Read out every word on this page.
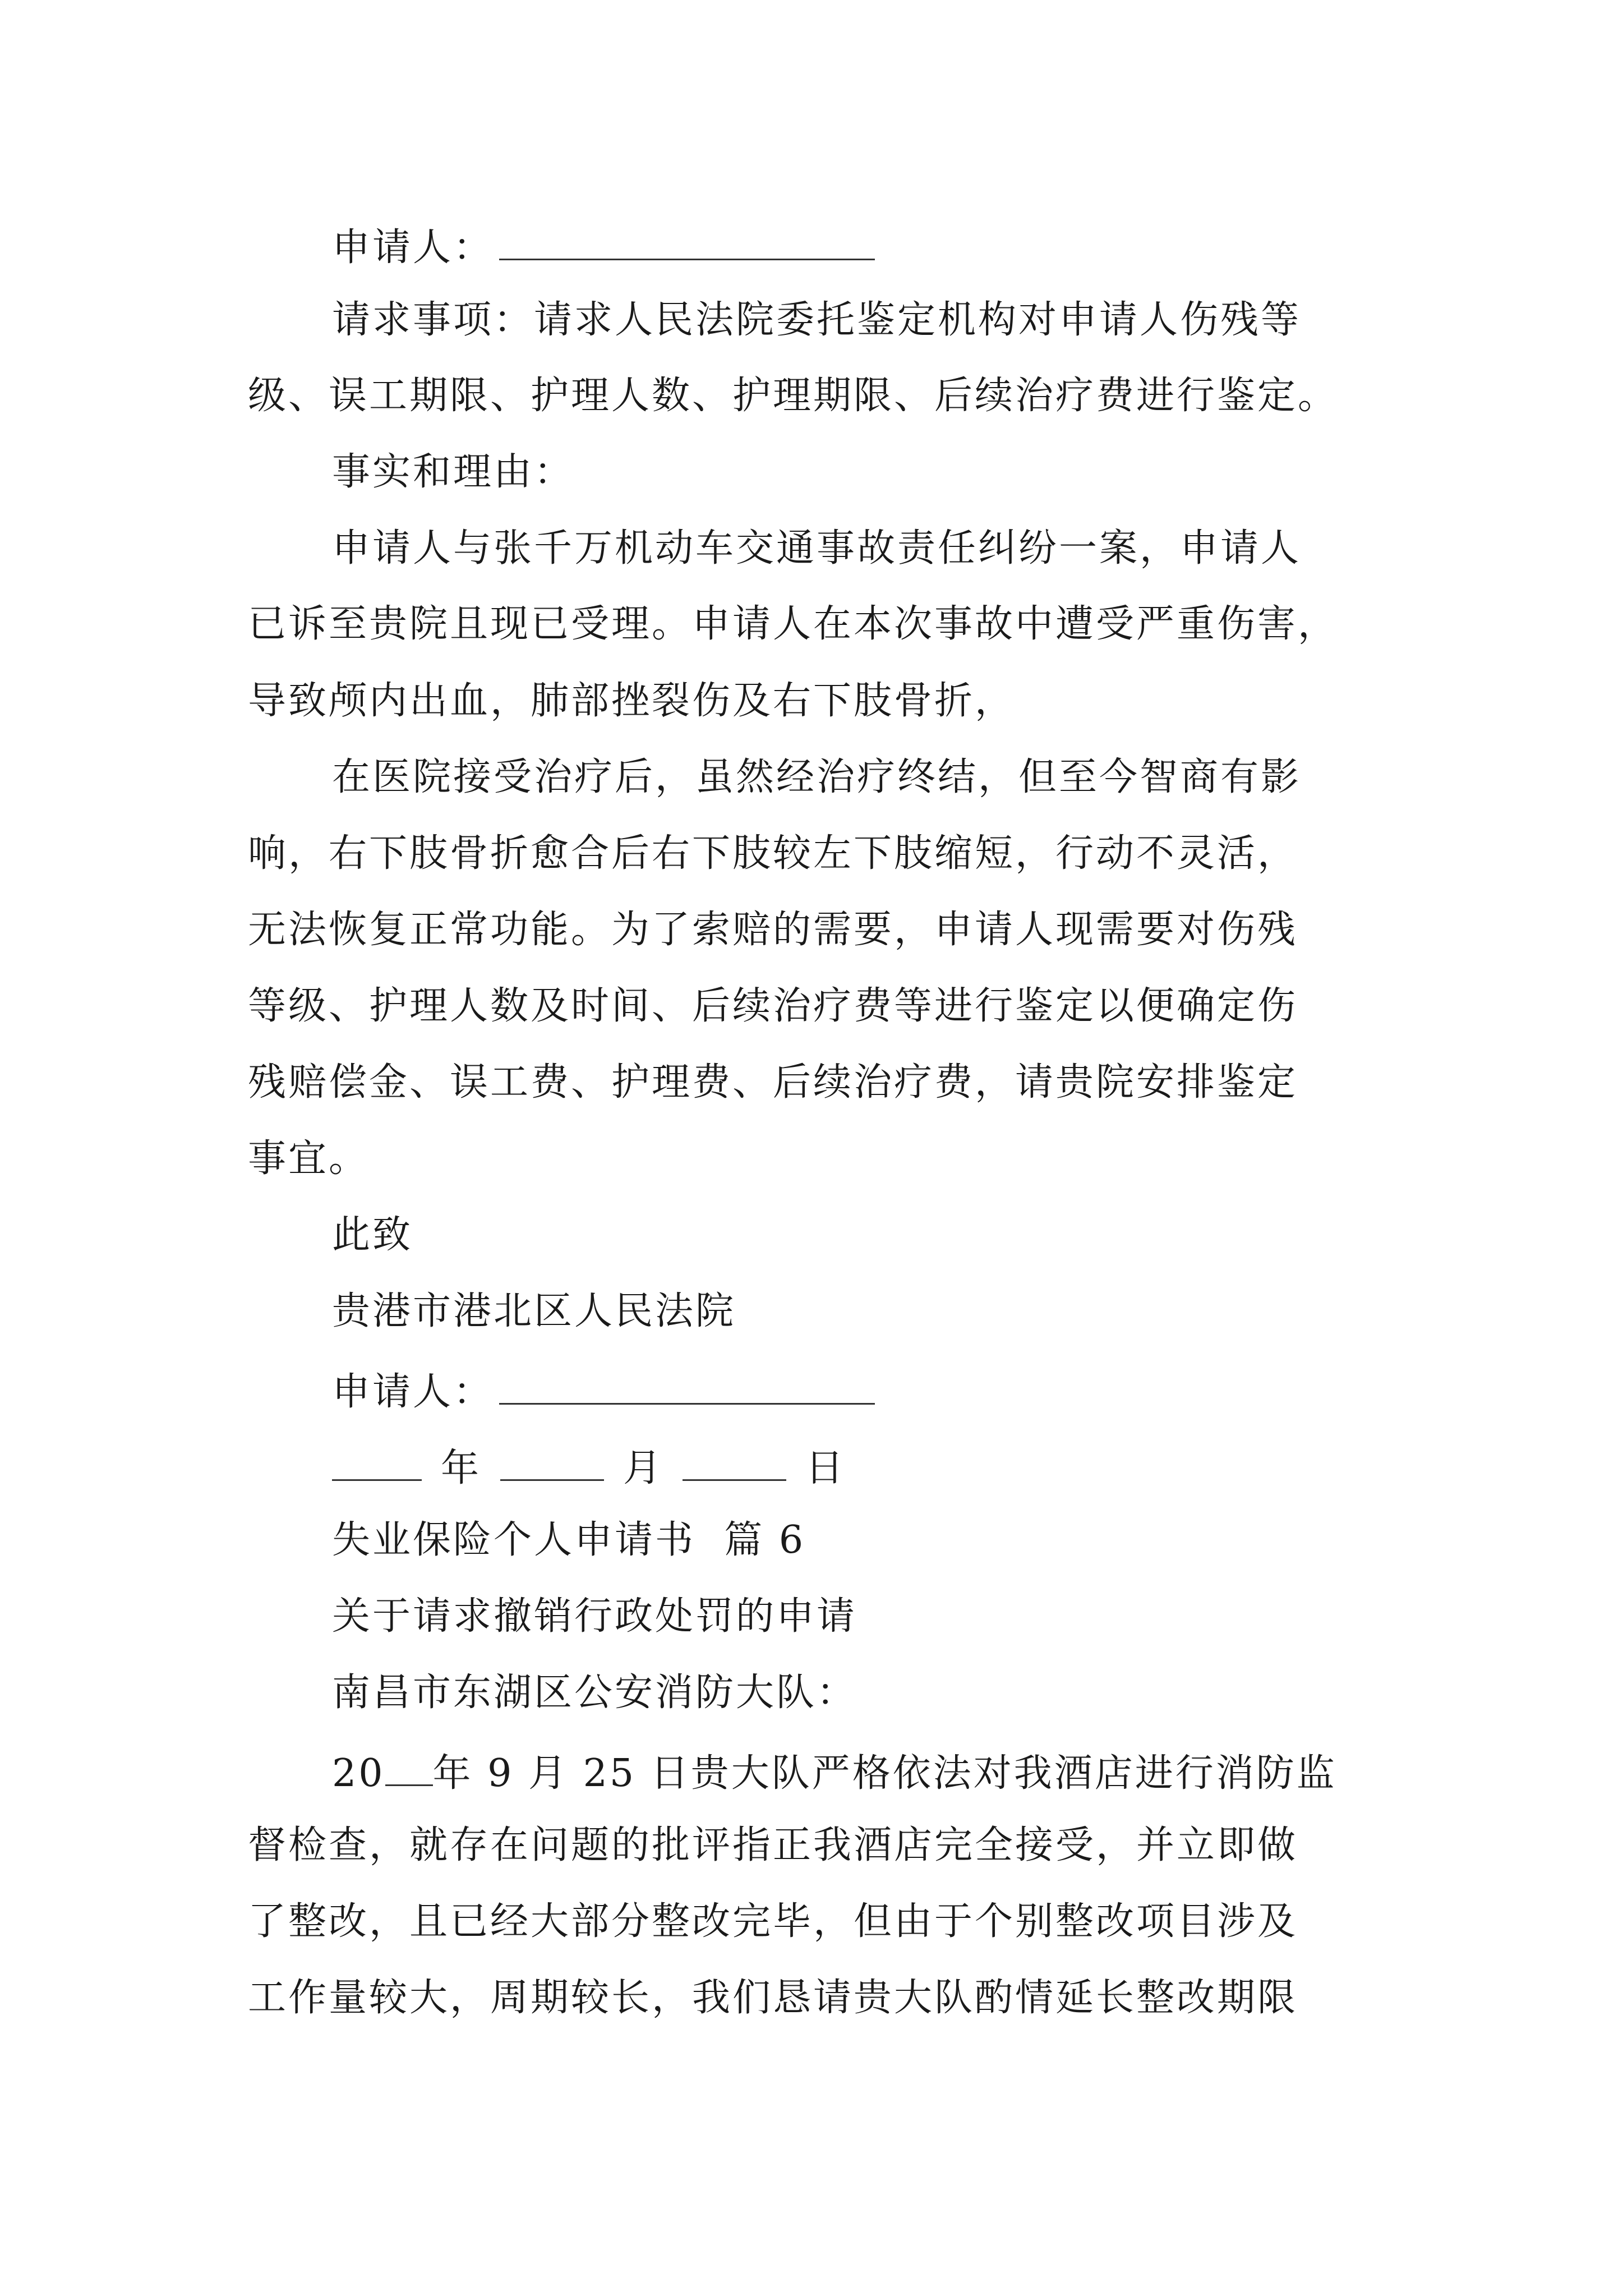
申请人：
请求事项：请求人民法院委托鉴定机构对申请人伤残等
级、误工期限、护理人数、护理期限、后续治疗费进行鉴定。
事实和理由：
申请人与张千万机动车交通事故责任纠纷一案，申请人
已诉至贵院且现已受理。申请人在本次事故中遭受严重伤害，
导致颅内出血，肺部挫裂伤及右下肢骨折，
在医院接受治疗后，虽然经治疗终结，但至今智商有影
响，右下肢骨折愈合后右下肢较左下肢缩短，行动不灵活，
无法恢复正常功能。为了索赔的需要，申请人现需要对伤残
等级、护理人数及时间、后续治疗费等进行鉴定以便确定伤
残赔偿金、误工费、护理费、后续治疗费，请贵院安排鉴定
事宜。
此致
贵港市港北区人民法院
申请人：
年	月	日
失业保险个人申请书  篇 6
关于请求撤销行政处罚的申请
南昌市东湖区公安消防大队：
20 年 9 月 25 日贵大队严格依法对我酒店进行消防监
督检查，就存在问题的批评指正我酒店完全接受，并立即做
了整改，且已经大部分整改完毕，但由于个别整改项目涉及
工作量较大，周期较长，我们恳请贵大队酌情延长整改期限
